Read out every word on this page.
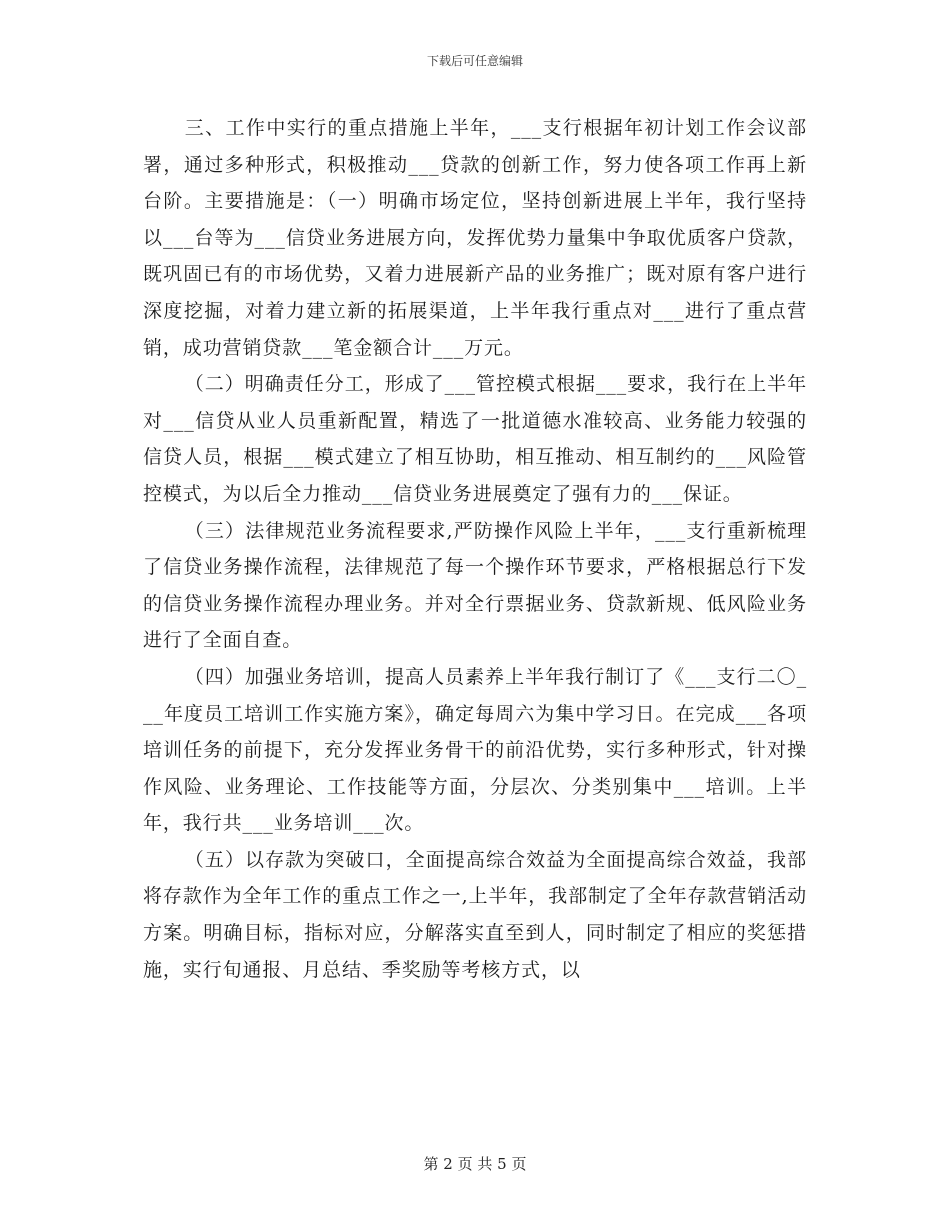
下载后可任意编辑

三、工作中实行的重点措施上半年，___支行根据年初计划工作会议部署，通过多种形式，积极推动___贷款的创新工作，努力使各项工作再上新台阶。主要措施是：（一）明确市场定位，坚持创新进展上半年，我行坚持以___台等为___信贷业务进展方向，发挥优势力量集中争取优质客户贷款，既巩固已有的市场优势，又着力进展新产品的业务推广；既对原有客户进行深度挖掘，对着力建立新的拓展渠道，上半年我行重点对___进行了重点营销，成功营销贷款___笔金额合计___万元。

（二）明确责任分工，形成了___管控模式根据___要求，我行在上半年对___信贷从业人员重新配置，精选了一批道德水准较高、业务能力较强的信贷人员，根据___模式建立了相互协助，相互推动、相互制约的___风险管控模式，为以后全力推动___信贷业务进展奠定了强有力的___保证。

（三）法律规范业务流程要求,严防操作风险上半年，___支行重新梳理了信贷业务操作流程，法律规范了每一个操作环节要求，严格根据总行下发的信贷业务操作流程办理业务。并对全行票据业务、贷款新规、低风险业务进行了全面自查。

（四）加强业务培训，提高人员素养上半年我行制订了《___支行二〇___年度员工培训工作实施方案》，确定每周六为集中学习日。在完成___各项培训任务的前提下，充分发挥业务骨干的前沿优势，实行多种形式，针对操作风险、业务理论、工作技能等方面，分层次、分类别集中___培训。上半年，我行共___业务培训___次。

（五）以存款为突破口，全面提高综合效益为全面提高综合效益，我部将存款作为全年工作的重点工作之一,上半年，我部制定了全年存款营销活动方案。明确目标，指标对应，分解落实直至到人，同时制定了相应的奖惩措施，实行旬通报、月总结、季奖励等考核方式，以

第 2 页 共 5 页
